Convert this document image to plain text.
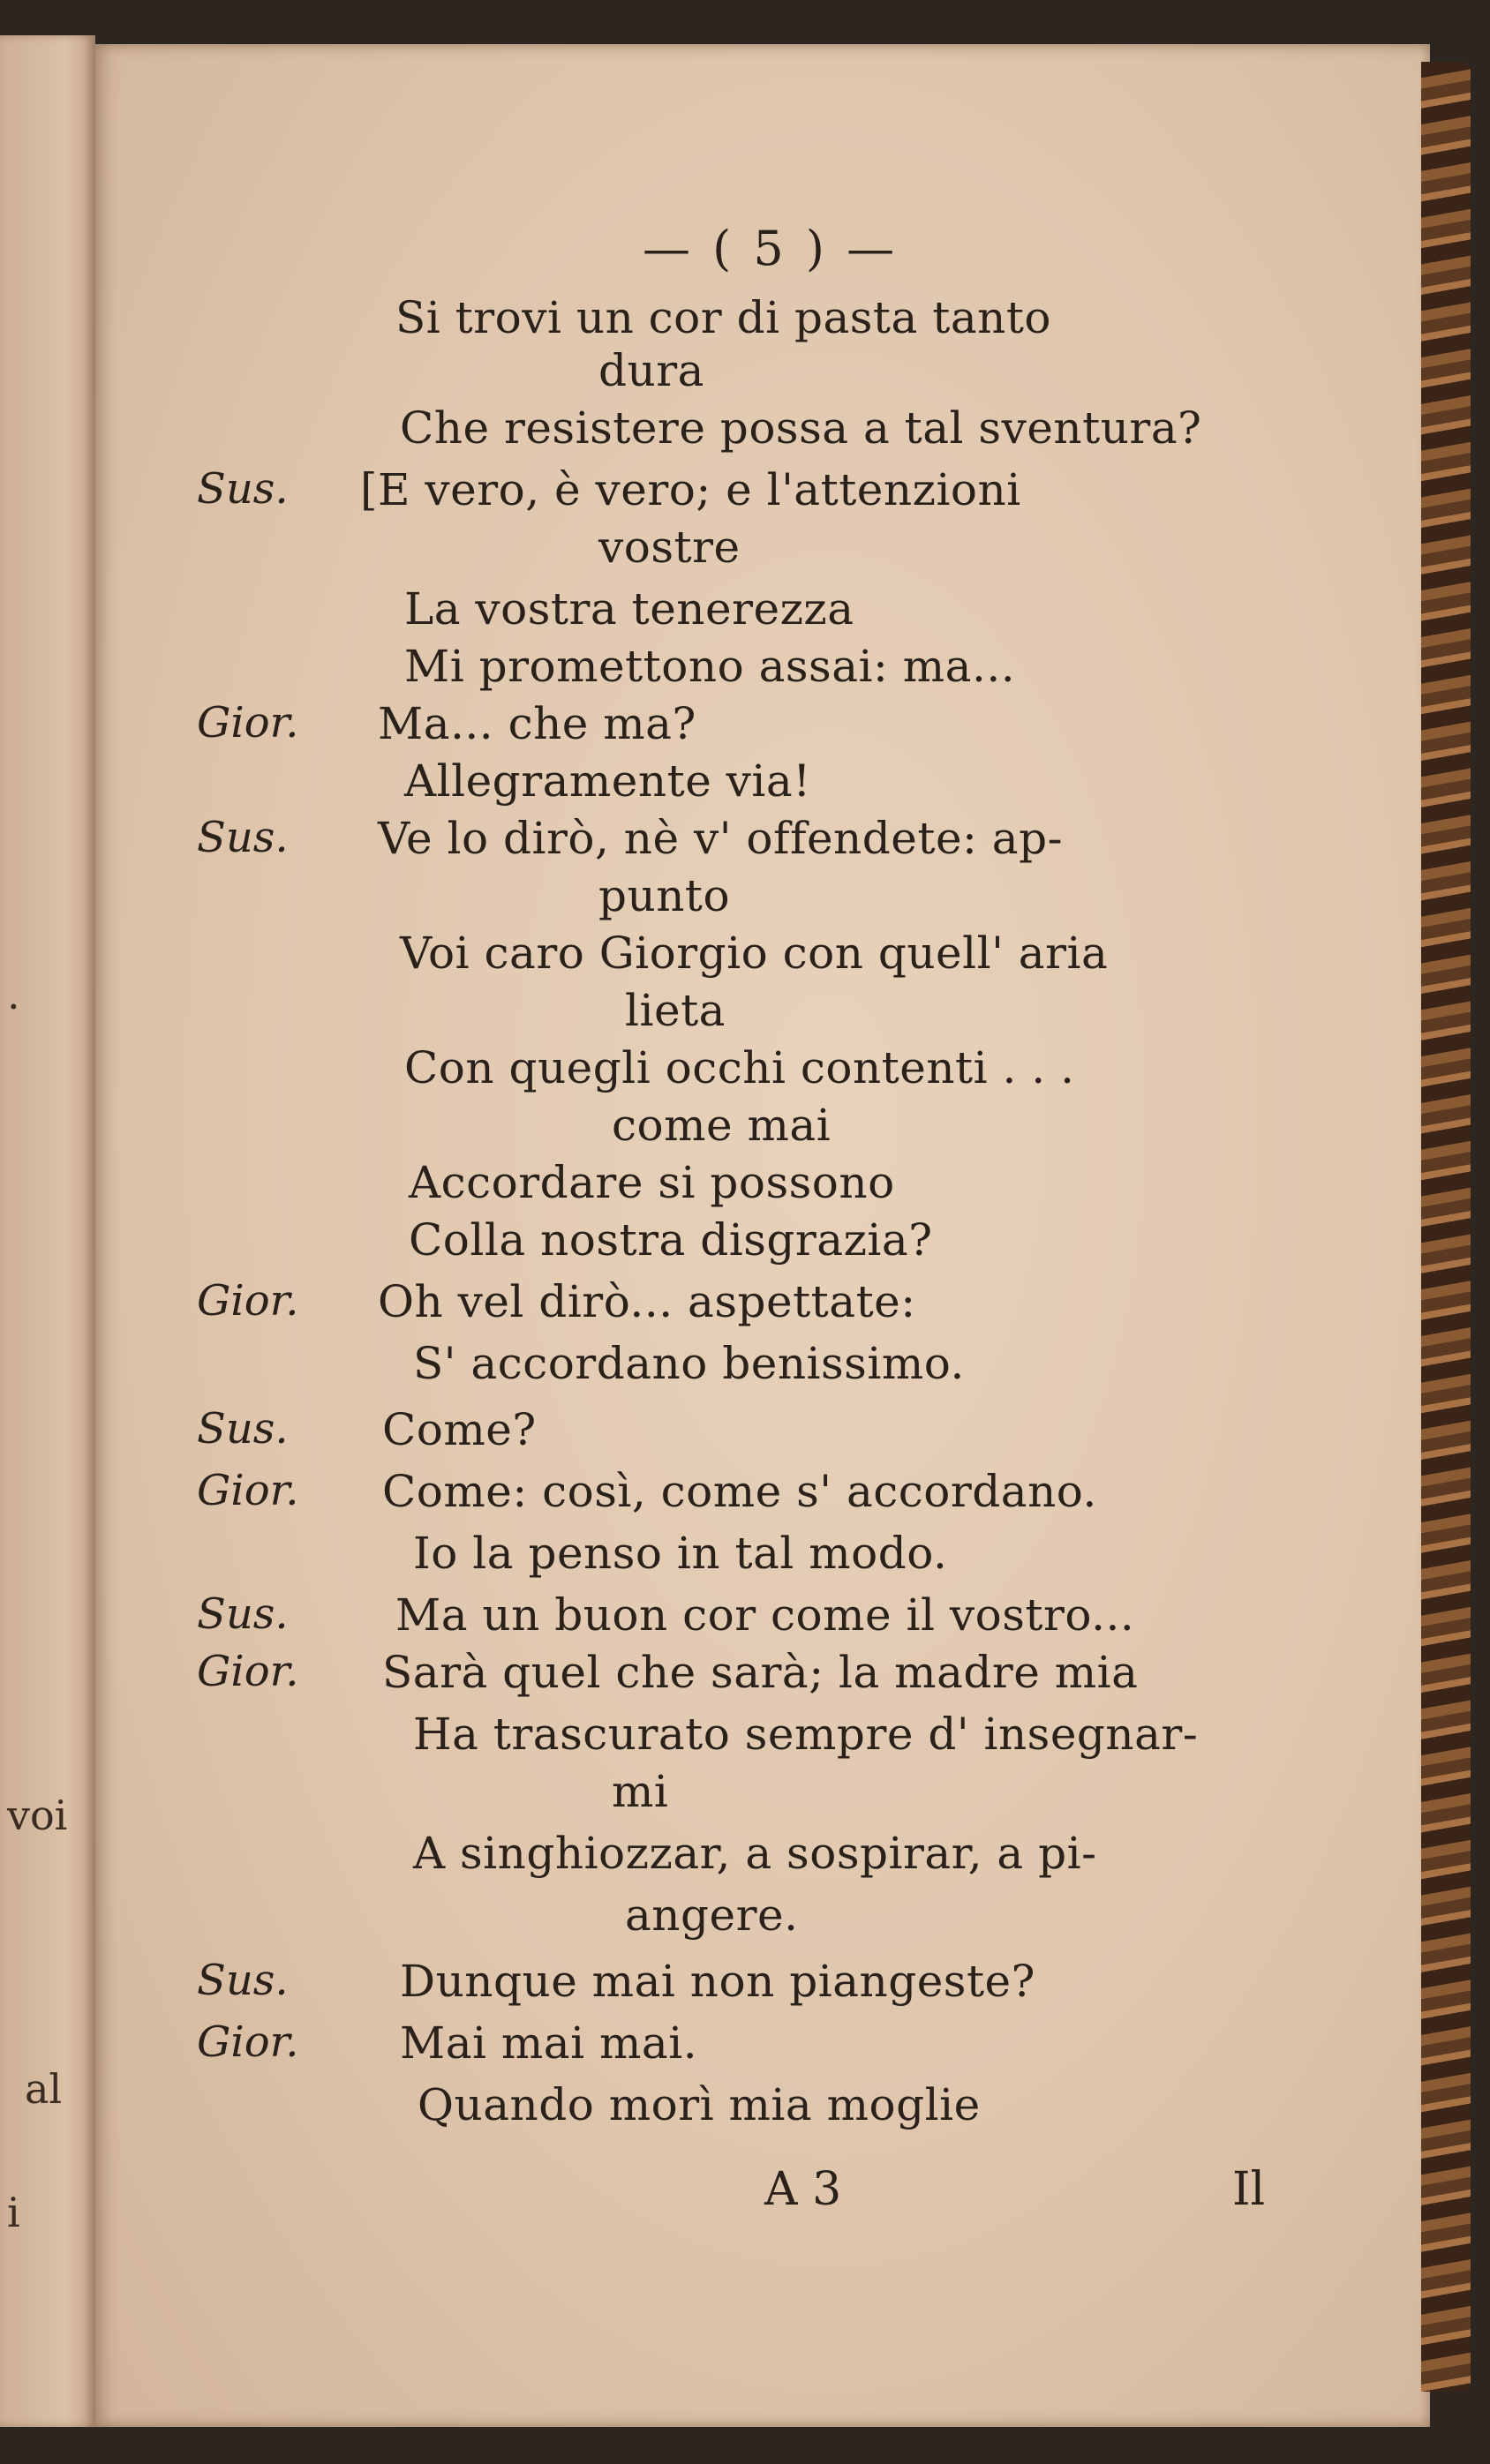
.
voi
al
i
— ( 5 ) —
Si trovi un cor di pasta tanto
dura
Che resistere possa a tal sventura?
Sus. [E vero, è vero; e l'attenzioni
vostre
La vostra tenerezza
Mi promettono assai: ma...
Gior. Ma... che ma?
Allegramente via!
Sus. Ve lo dirò, nè v' offendete: ap-
punto
Voi caro Giorgio con quell' aria
lieta
Con quegli occhi contenti . . .
come mai
Accordare si possono
Colla nostra disgrazia?
Gior. Oh vel dirò... aspettate:
S' accordano benissimo.
Sus. Come?
Gior. Come: così, come s' accordano.
Io la penso in tal modo.
Sus. Ma un buon cor come il vostro...
Gior. Sarà quel che sarà; la madre mia
Ha trascurato sempre d' insegnar-
mi
A singhiozzar, a sospirar, a pi-
angere.
Sus.	Dunque mai non piangeste?
Gior. Mai mai mai.
Quando morì mia moglie
A 3	Il
